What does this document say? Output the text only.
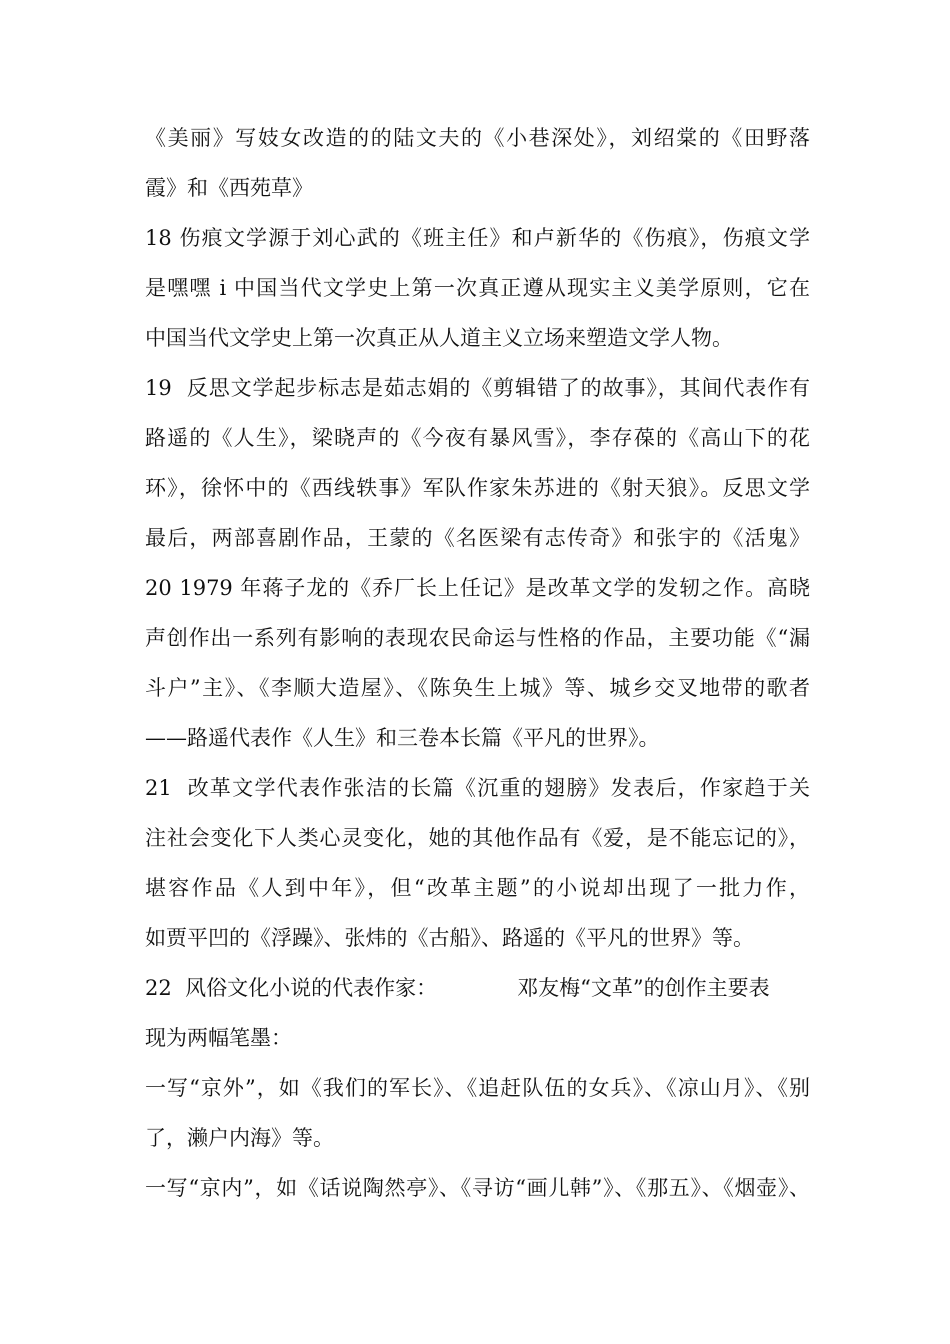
《美丽》写妓女改造的的陆文夫的《小巷深处》，刘绍棠的《田野落
霞》和《西苑草》
18 伤痕文学源于刘心武的《班主任》和卢新华的《伤痕》，伤痕文学
是嘿嘿 i 中国当代文学史上第一次真正遵从现实主义美学原则，它在
中国当代文学史上第一次真正从人道主义立场来塑造文学人物。
19  反思文学起步标志是茹志娟的《剪辑错了的故事》，其间代表作有
路遥的《人生》，梁晓声的《今夜有暴风雪》，李存葆的《高山下的花
环》，徐怀中的《西线轶事》军队作家朱苏进的《射天狼》。反思文学
最后，两部喜剧作品，王蒙的《名医梁有志传奇》和张宇的《活鬼》
20 1979 年蒋子龙的《乔厂长上任记》是改革文学的发轫之作。高晓
声创作出一系列有影响的表现农民命运与性格的作品，主要功能《“漏
斗户”主》、《李顺大造屋》、《陈奂生上城》等、城乡交叉地带的歌者
——路遥代表作《人生》和三卷本长篇《平凡的世界》。
21  改革文学代表作张洁的长篇《沉重的翅膀》发表后，作家趋于关
注社会变化下人类心灵变化，她的其他作品有《爱，是不能忘记的》，
堪容作品《人到中年》，但“改革主题”的小说却出现了一批力作，
如贾平凹的《浮躁》、张炜的《古船》、路遥的《平凡的世界》等。
22  风俗文化小说的代表作家：            邓友梅“文革”的创作主要表
现为两幅笔墨：
一写“京外”，如《我们的军长》、《追赶队伍的女兵》、《凉山月》、《别
了，濑户内海》等。
一写“京内”，如《话说陶然亭》、《寻访“画儿韩”》、《那五》、《烟壶》、
